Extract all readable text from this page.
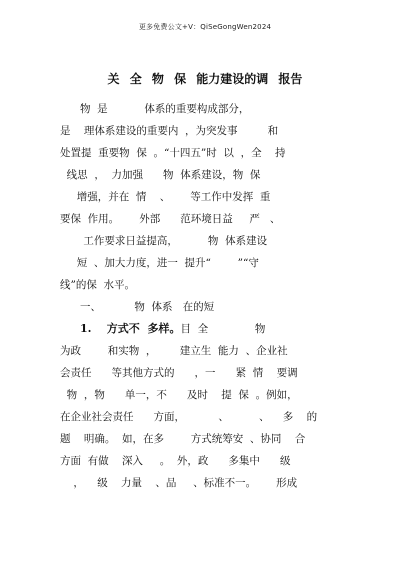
更多免费公文+V：QiSeGongWen2024
关 全 物 保 能力建设的调 报告
物  是           体系的重要构成部分，
是    理体系建设的重要内  ，为突发事         和
处置提  重要物  保  。“十四五”时  以  ，全    持
线思  ，  力加强      物  体系建设，物  保
增强，并在  情    、      等工作中发挥  重
要保  作用。      外部      范环境日益     严   、
工作要求日益提高，         物  体系建设
短  、加大力度，进一  提升“        ”“守
线”的保  水平。
一、          物  体系   在的短
1.    方式不  多样。目  全              物
为政        和实物  ，       建立生  能力  、企业社
会责任      等其他方式的      ，一      紧  情    要调
物  ，物      单一，不      及时    提  保  。例如，
在企业社会责任      方面，          、         、    多    的
题    明确。  如，在多        方式统筹安  、协同    合
方面  有做    深入     。  外，政      多集中      级
，    级    力量    、品     、标准不一。      形成
